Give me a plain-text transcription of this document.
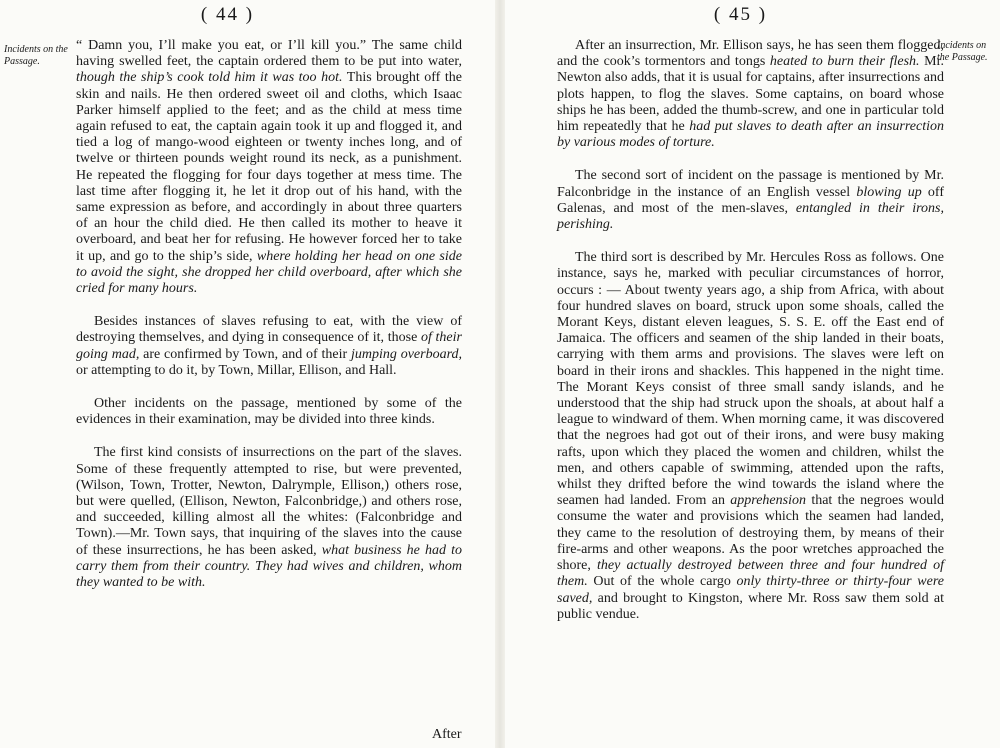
( 44 )
Incidents on the Passage.

“ Damn you, I’ll make you eat, or I’ll kill you.” The same child having swelled feet, the captain ordered them to be put into water, though the ship’s cook told him it was too hot. This brought off the skin and nails. He then ordered sweet oil and cloths, which Isaac Parker himself applied to the feet; and as the child at mess time again refused to eat, the captain again took it up and flogged it, and tied a log of mango-wood eighteen or twenty inches long, and of twelve or thirteen pounds weight round its neck, as a punishment. He repeated the flogging for four days together at mess time. The last time after flogging it, he let it drop out of his hand, with the same expression as before, and accordingly in about three quarters of an hour the child died. He then called its mother to heave it overboard, and beat her for refusing. He however forced her to take it up, and go to the ship’s side, where holding her head on one side to avoid the sight, she dropped her child overboard, after which she cried for many hours.

Besides instances of slaves refusing to eat, with the view of destroying themselves, and dying in consequence of it, those of their going mad, are confirmed by Town, and of their jumping overboard, or attempting to do it, by Town, Millar, Ellison, and Hall.

Other incidents on the passage, mentioned by some of the evidences in their examination, may be divided into three kinds.

The first kind consists of insurrections on the part of the slaves. Some of these frequently attempted to rise, but were prevented, (Wilson, Town, Trotter, Newton, Dalrymple, Ellison,) others rose, but were quelled, (Ellison, Newton, Falconbridge,) and others rose, and succeeded, killing almost all the whites: (Falconbridge and Town).—Mr. Town says, that inquiring of the slaves into the cause of these insurrections, he has been asked, what business he had to carry them from their country. They had wives and children, whom they wanted to be with.

After
( 45 )
Incidents on the Passage.

After an insurrection, Mr. Ellison says, he has seen them flogged, and the cook’s tormentors and tongs heated to burn their flesh. Mr. Newton also adds, that it is usual for captains, after insurrections and plots happen, to flog the slaves. Some captains, on board whose ships he has been, added the thumb-screw, and one in particular told him repeatedly that he had put slaves to death after an insurrection by various modes of torture.

The second sort of incident on the passage is mentioned by Mr. Falconbridge in the instance of an English vessel blowing up off Galenas, and most of the men-slaves, entangled in their irons, perishing.

The third sort is described by Mr. Hercules Ross as follows. One instance, says he, marked with peculiar circumstances of horror, occurs : — About twenty years ago, a ship from Africa, with about four hundred slaves on board, struck upon some shoals, called the Morant Keys, distant eleven leagues, S. S. E. off the East end of Jamaica. The officers and seamen of the ship landed in their boats, carrying with them arms and provisions. The slaves were left on board in their irons and shackles. This happened in the night time. The Morant Keys consist of three small sandy islands, and he understood that the ship had struck upon the shoals, at about half a league to windward of them. When morning came, it was discovered that the negroes had got out of their irons, and were busy making rafts, upon which they placed the women and children, whilst the men, and others capable of swimming, attended upon the rafts, whilst they drifted before the wind towards the island where the seamen had landed. From an apprehension that the negroes would consume the water and provisions which the seamen had landed, they came to the resolution of destroying them, by means of their fire-arms and other weapons. As the poor wretches approached the shore, they actually destroyed between three and four hundred of them. Out of the whole cargo only thirty-three or thirty-four were saved, and brought to Kingston, where Mr. Ross saw them sold at public vendue.
